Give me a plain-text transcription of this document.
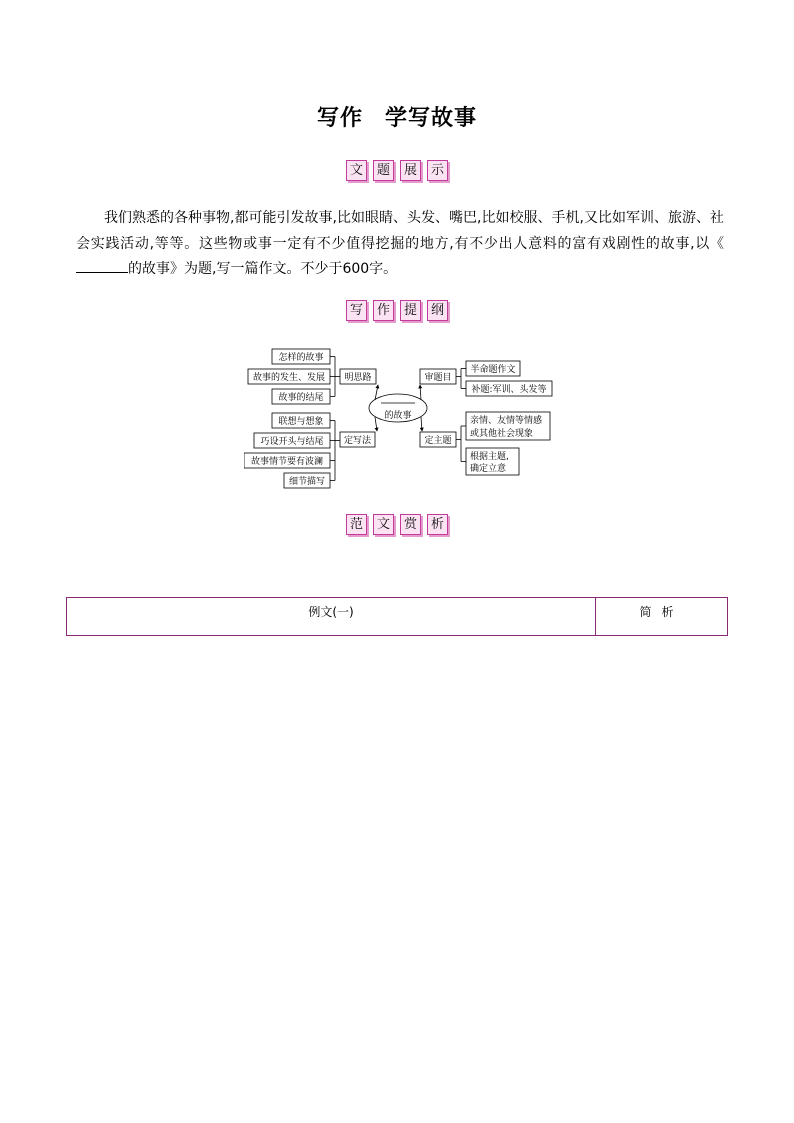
写作 学写故事
文 题 展 示
我们熟悉的各种事物,都可能引发故事,比如眼睛、头发、嘴巴,比如校服、手机,又比如军训、旅游、社会实践活动,等等。这些物或事一定有不少值得挖掘的地方,有不少出人意料的富有戏剧性的故事,以《的故事》为题,写一篇作文。不少于600字。
写 作 提 纲
的故事
明思路
定写法
审题目
定主题
怎样的故事
故事的发生、发展
故事的结尾
联想与想象
巧设开头与结尾
故事情节要有波澜
细节描写
半命题作文
补题:军训、头发等
亲情、友情等情感
或其他社会现象
根据主题,
确定立意
范 文 赏 析
例文(一)	简析
